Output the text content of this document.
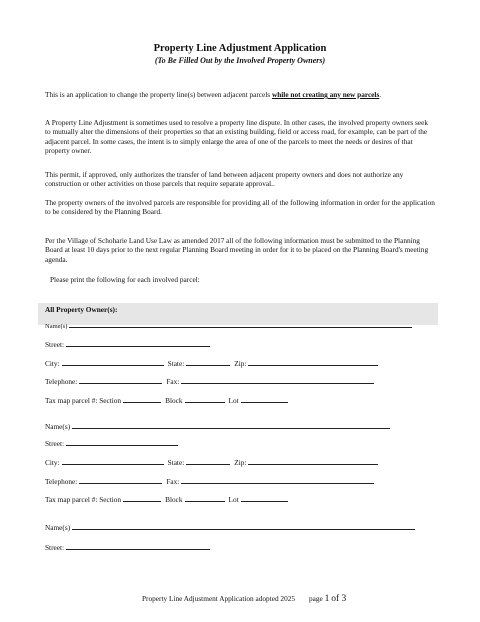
Property Line Adjustment Application
(To Be Filled Out by the Involved Property Owners)
This is an application to change the property line(s) between adjacent parcels while not creating any new parcels.
A Property Line Adjustment is sometimes used to resolve a property line dispute. In other cases, the involved property owners seek to mutually alter the dimensions of their properties so that an existing building, field or access road, for example, can be part of the adjacent parcel. In some cases, the intent is to simply enlarge the area of one of the parcels to meet the needs or desires of that property owner.
This permit, if approved, only authorizes the transfer of land between adjacent property owners and does not authorize any construction or other activities on those parcels that require separate approval..
The property owners of the involved parcels are responsible for providing all of the following information in order for the application to be considered by the Planning Board.
Per the Village of Schoharie Land Use Law as amended 2017 all of the following information must be submitted to the Planning Board at least 10 days prior to the next regular Planning Board meeting in order for it to be placed on the Planning Board's meeting agenda.
Please print the following for each involved parcel:
All Property Owner(s):
Name(s)
Street:
City:	State:	Zip:
Telephone:	Fax:
Tax map parcel #: Section	Block	Lot
Name(s)
Street:
City:	State:	Zip:
Telephone:	Fax:
Tax map parcel #: Section	Block	Lot
Name(s)
Street:
Property Line Adjustment Application adopted 2025 page 1 of 3
